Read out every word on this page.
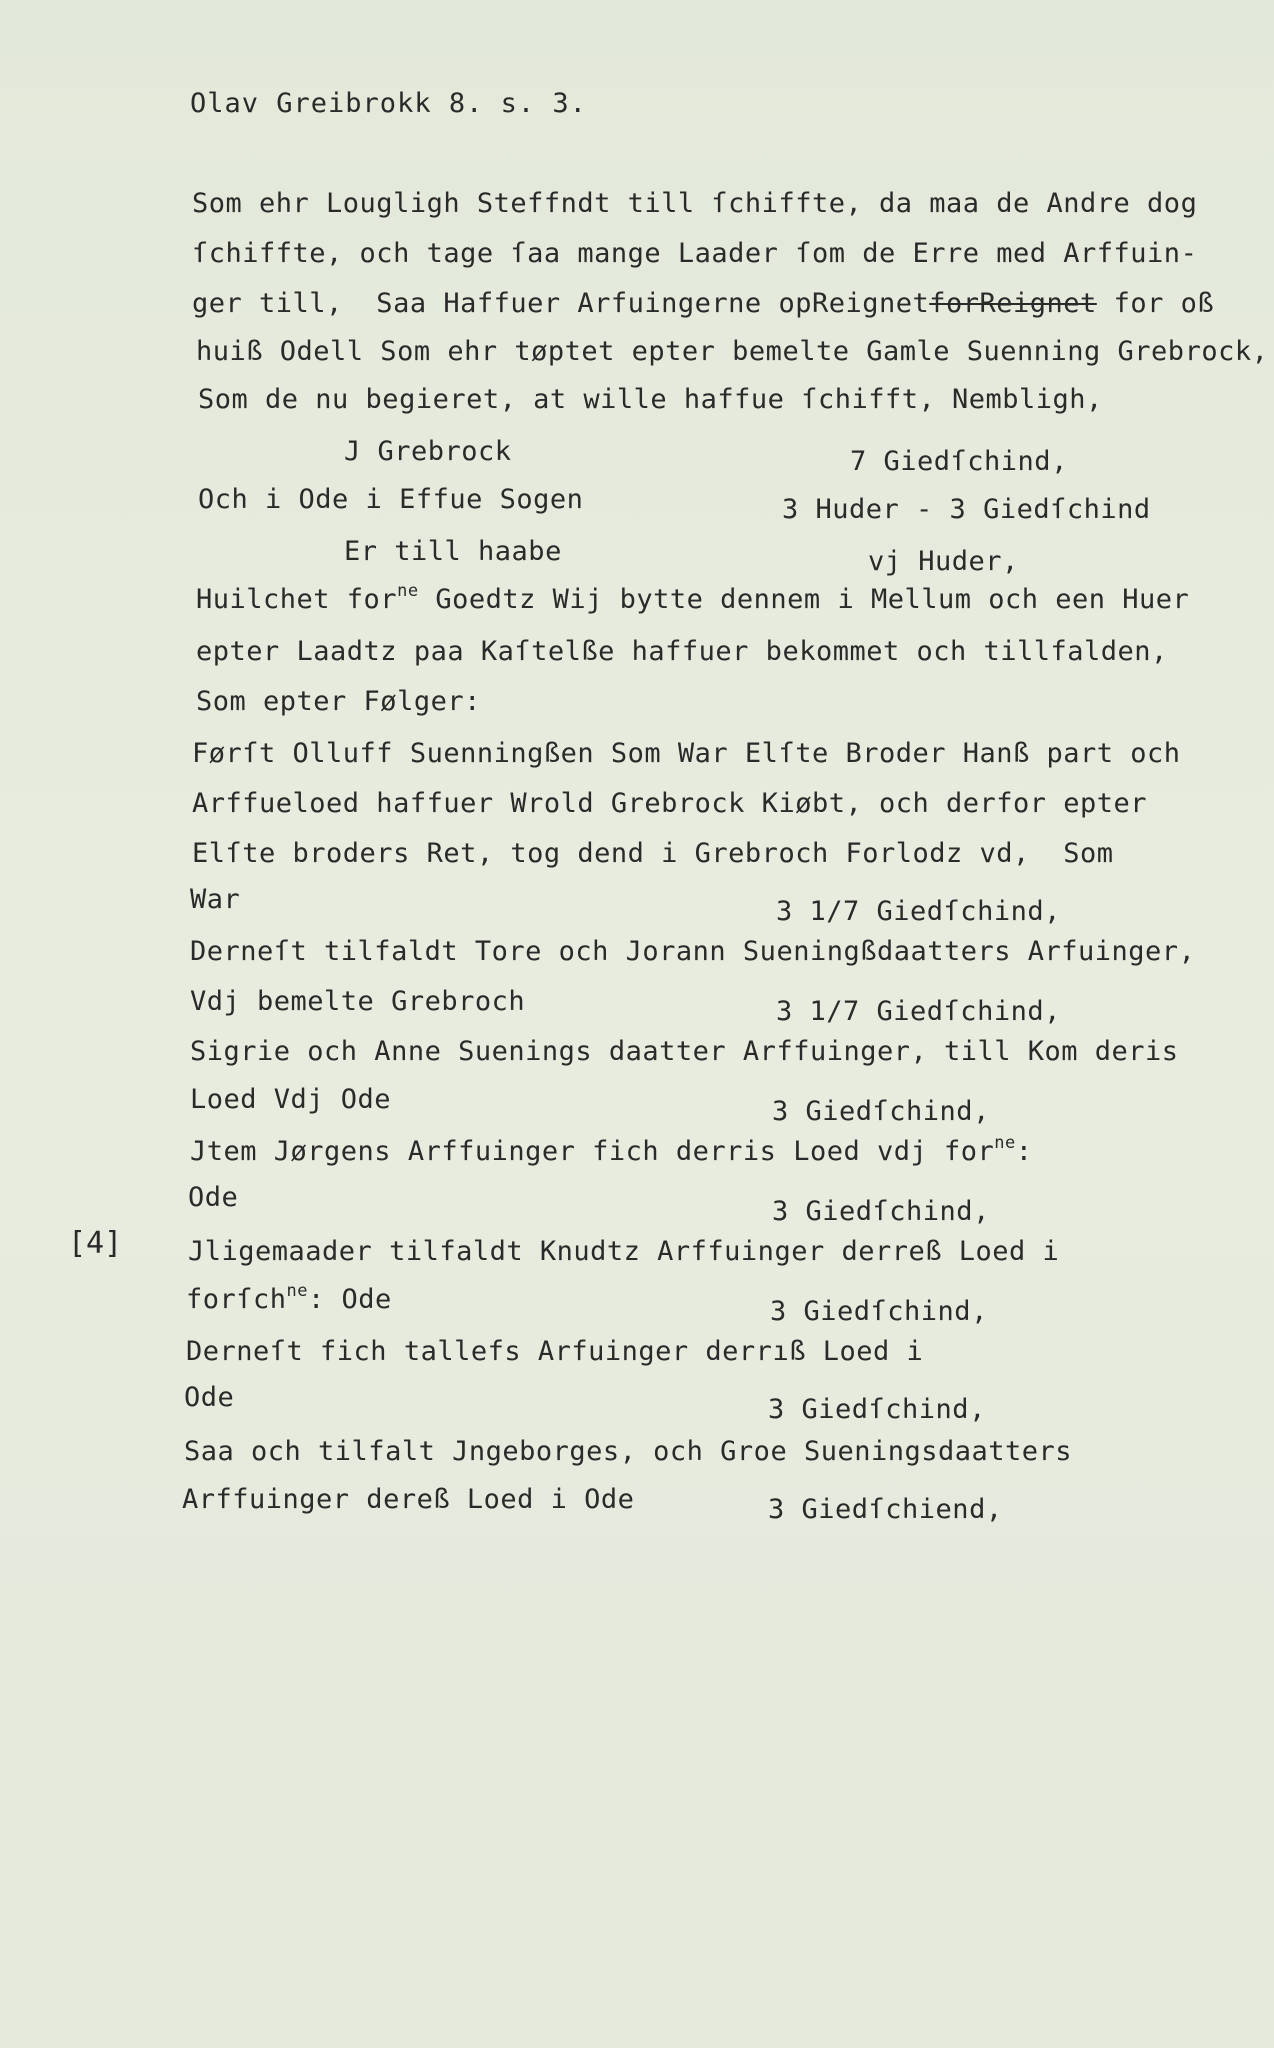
Olav Greibrokk 8. s. 3.
[4]
Som ehr Lougligh Steffndt till ſchiffte, da maa de Andre dog
ſchiffte, och tage ſaa mange Laader ſom de Erre med Arffuin-
ger till,  Saa Haffuer Arfuingerne opReignetforReignet for oß
huiß Odell Som ehr tøptet epter bemelte Gamle Suenning Grebrock,
Som de nu begieret, at wille haffue ſchifft, Nembligh,
J Grebrock	7 Giedſchind,
Och i Ode i Effue Sogen	3 Huder - 3 Giedſchind
Er till haabe	vj Huder,
Huilchet for$^{ne}$ Goedtz Wij bytte dennem i Mellum och een Huer
epter Laadtz paa Kaſtelße haffuer bekommet och tillfalden,
Som epter Følger:
Førſt Olluff Suenningßen Som War Elſte Broder Hanß part och
Arffueloed haffuer Wrold Grebrock Kiøbt, och derfor epter
Elſte broders Ret, tog dend i Grebroch Forlodz vd,  Som
War	3 1/7 Giedſchind,
Derneſt tilfaldt Tore och Jorann Sueningßdaatters Arfuinger,
Vdj bemelte Grebroch	3 1/7 Giedſchind,
Sigrie och Anne Suenings daatter Arffuinger, till Kom deris
Loed Vdj Ode	3 Giedſchind,
Jtem Jørgens Arffuinger fich derris Loed vdj for$^{ne}$:
Ode	3 Giedſchind,
Jligemaader tilfaldt Knudtz Arffuinger derreß Loed i
forſch$^{ne}$: Ode	3 Giedſchind,
Derneſt fich tallefs Arfuinger derrıß Loed i
Ode	3 Giedſchind,
Saa och tilfalt Jngeborges, och Groe Sueningsdaatters
Arffuinger dereß Loed i Ode	3 Giedſchiend,
